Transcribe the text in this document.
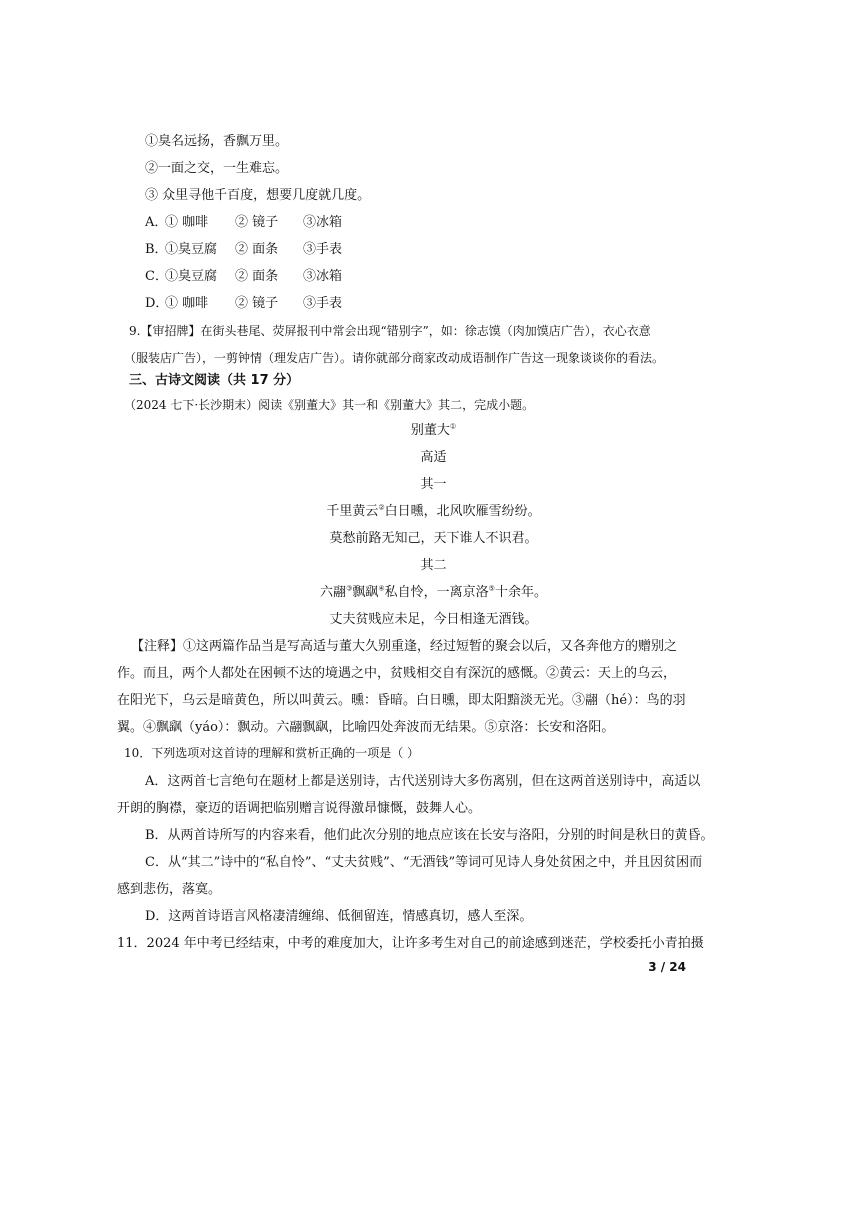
①臭名远扬，香飘万里。
②一面之交，一生难忘。
③ 众里寻他千百度，想要几度就几度。
A．① 咖啡 ② 镜子 ③冰箱
B．①臭豆腐 ② 面条 ③手表
C．①臭豆腐 ② 面条 ③冰箱
D．① 咖啡 ② 镜子 ③手表
9.【审招牌】在街头巷尾、荧屏报刊中常会出现“错别字”，如：徐志馍（肉加馍店广告），衣心衣意
（服装店广告），一剪钟情（理发店广告）。请你就部分商家改动成语制作广告这一现象谈谈你的看法。
三、古诗文阅读（共 17 分）
（2024 七下·长沙期末）阅读《别董大》其一和《别董大》其二，完成小题。
别董大①
高适
其一
千里黄云②白日曛，北风吹雁雪纷纷。
莫愁前路无知己，天下谁人不识君。
其二
六翮③飘飖④私自怜，一离京洛⑤十余年。
丈夫贫贱应未足，今日相逢无酒钱。
【注释】①这两篇作品当是写高适与董大久别重逢，经过短暂的聚会以后，又各奔他方的赠别之
作。而且，两个人都处在困顿不达的境遇之中，贫贱相交自有深沉的感慨。②黄云：天上的乌云，
在阳光下，乌云是暗黄色，所以叫黄云。曛：昏暗。白日曛，即太阳黯淡无光。③翮（hé）：鸟的羽
翼。④飘飖（yáo）：飘动。六翮飘飖，比喻四处奔波而无结果。⑤京洛：长安和洛阳。
10．下列选项对这首诗的理解和赏析正确的一项是（ ）
A．这两首七言绝句在题材上都是送别诗，古代送别诗大多伤离别，但在这两首送别诗中，高适以
开朗的胸襟，豪迈的语调把临别赠言说得激昂慷慨，鼓舞人心。
B．从两首诗所写的内容来看，他们此次分别的地点应该在长安与洛阳，分别的时间是秋日的黄昏。
C．从“其二”诗中的“私自怜”、“丈夫贫贱”、“无酒钱”等词可见诗人身处贫困之中，并且因贫困而
感到悲伤，落寞。
D．这两首诗语言风格凄清缠绵、低徊留连，情感真切，感人至深。
11．2024 年中考已经结束，中考的难度加大，让许多考生对自己的前途感到迷茫，学校委托小青拍摄
3 / 24
